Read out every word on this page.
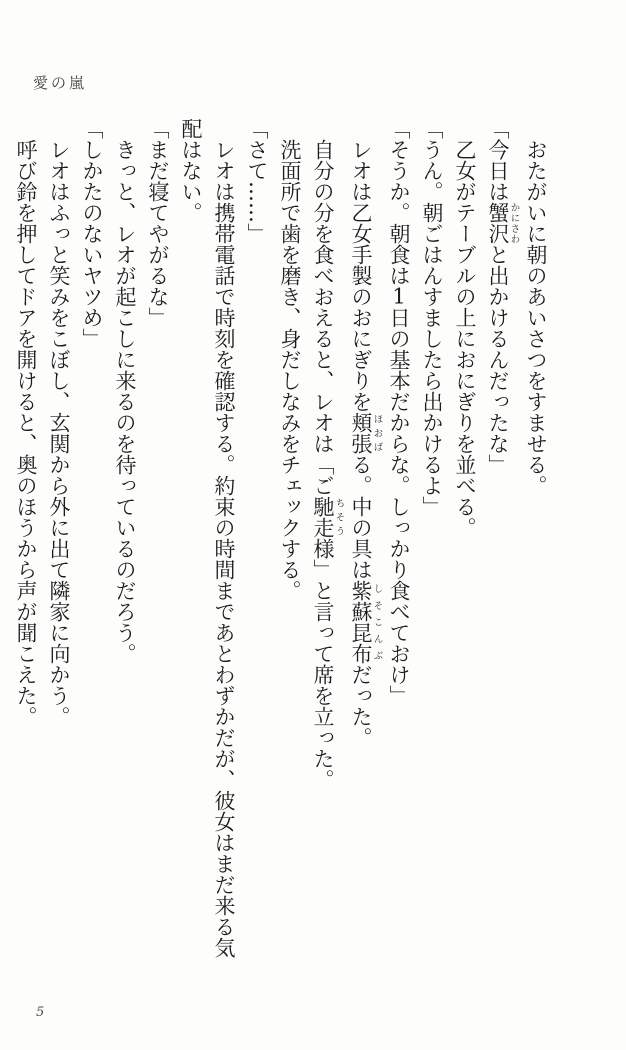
愛の嵐

おたがいに朝のあいさつをすませる。

「今日は蟹沢かにさわと出かけるんだったな」

乙女がテーブルの上におにぎりを並べる。

「うん。朝ごはんすましたら出かけるよ」

「そうか。朝食は1日の基本だからな。しっかり食べておけ」

レオは乙女手製のおにぎりを頬張ほおばる。中の具は紫蘇昆布しそこんぶだった。

自分の分を食べおえると、レオは「ご馳走ちそう様」と言って席を立った。

洗面所で歯を磨き、身だしなみをチェックする。

「さて……」

レオは携帯電話で時刻を確認する。約束の時間まであとわずかだが、彼女はまだ来る気配はない。

「まだ寝てやがるな」

きっと、レオが起こしに来るのを待っているのだろう。

「しかたのないヤツめ」

レオはふっと笑みをこぼし、玄関から外に出て隣家に向かう。

呼び鈴を押してドアを開けると、奥のほうから声が聞こえた。

5
